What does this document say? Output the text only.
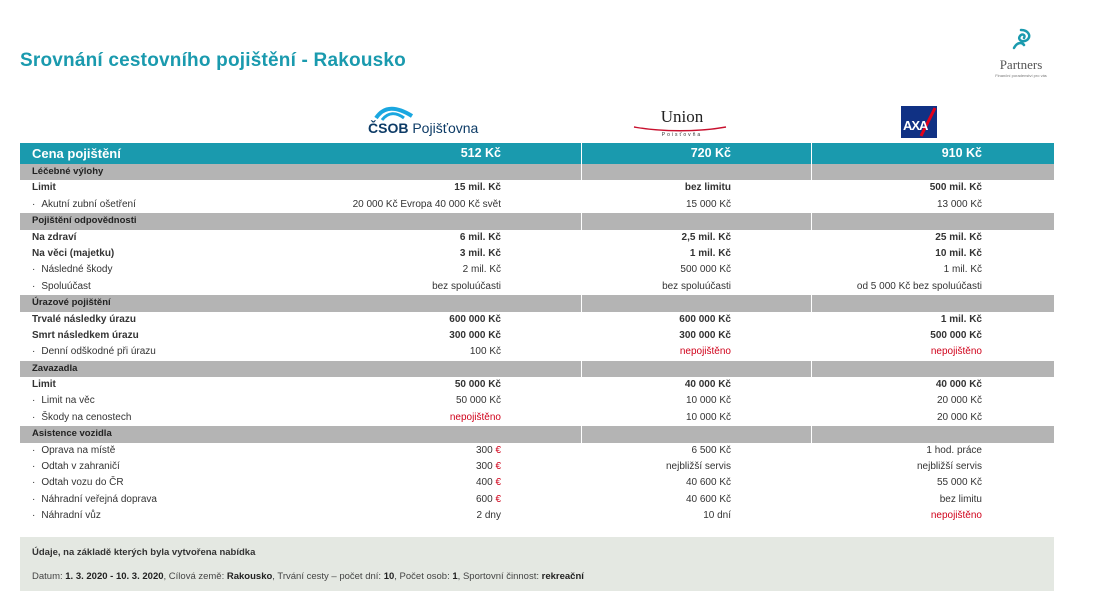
Srovnání cestovního pojištění - Rakousko	Partners
Finanční poradenství pro vás
ČSOB Pojišťovna
Union
Poisťovňa
AXA
Cena pojištění	512 Kč	720 Kč	910 Kč
Léčebné výlohy
Limit	15 mil. Kč	bez limitu	500 mil. Kč
· Akutní zubní ošetření	20 000 Kč Evropa 40 000 Kč svět	15 000 Kč	13 000 Kč
Pojištění odpovědnosti
Na zdraví	6 mil. Kč	2,5 mil. Kč	25 mil. Kč
Na věci (majetku)	3 mil. Kč	1 mil. Kč	10 mil. Kč
· Následné škody	2 mil. Kč	500 000 Kč	1 mil. Kč
· Spoluúčast	bez spoluúčasti	bez spoluúčasti	od 5 000 Kč bez spoluúčasti
Úrazové pojištění
Trvalé následky úrazu	600 000 Kč	600 000 Kč	1 mil. Kč
Smrt následkem úrazu	300 000 Kč	300 000 Kč	500 000 Kč
· Denní odškodné při úrazu	100 Kč	nepojištěno	nepojištěno
Zavazadla
Limit	50 000 Kč	40 000 Kč	40 000 Kč
· Limit na věc	50 000 Kč	10 000 Kč	20 000 Kč
· Škody na cenostech	nepojištěno	10 000 Kč	20 000 Kč
Asistence vozidla
· Oprava na místě	300 €	6 500 Kč	1 hod. práce
· Odtah v zahraničí	300 €	nejbližší servis	nejbližší servis
· Odtah vozu do ČR	400 €	40 600 Kč	55 000 Kč
· Náhradní veřejná doprava	600 €	40 600 Kč	bez limitu
· Náhradní vůz	2 dny	10 dní	nepojištěno
Údaje, na základě kterých byla vytvořena nabídka
Datum: 1. 3. 2020 - 10. 3. 2020, Cílová země: Rakousko, Trvání cesty – počet dní: 10, Počet osob: 1, Sportovní činnost: rekreační
